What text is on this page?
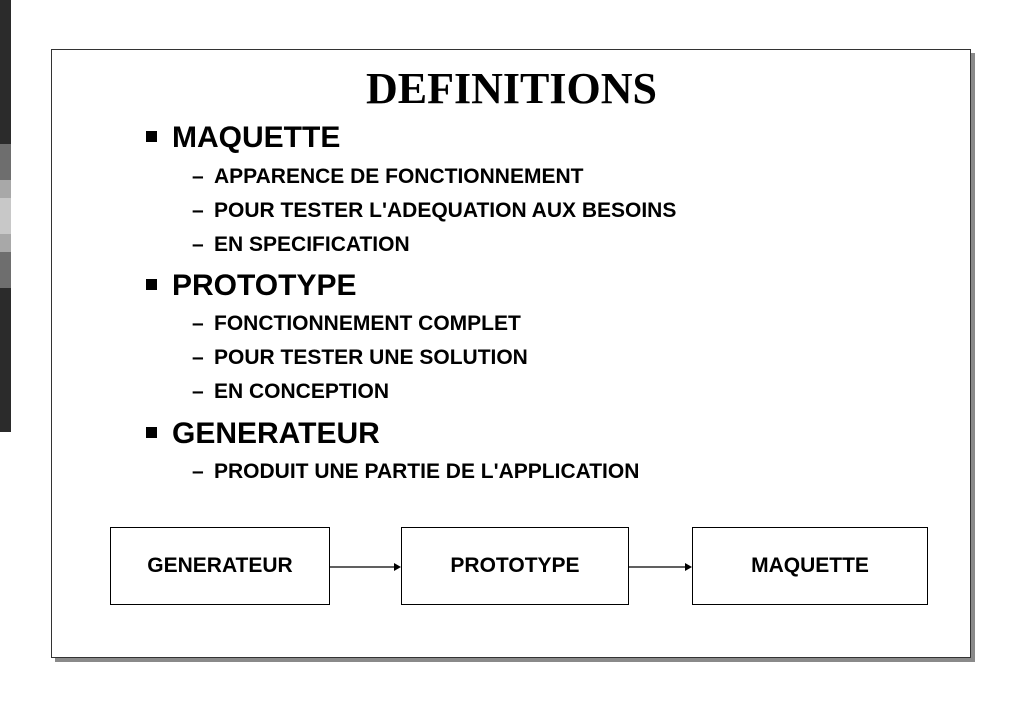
DEFINITIONS
MAQUETTE
– APPARENCE DE FONCTIONNEMENT
– POUR TESTER L'ADEQUATION AUX BESOINS
– EN SPECIFICATION
PROTOTYPE
– FONCTIONNEMENT COMPLET
– POUR TESTER UNE SOLUTION
– EN CONCEPTION
GENERATEUR
– PRODUIT UNE PARTIE DE L'APPLICATION
GENERATEUR	PROTOTYPE	MAQUETTE
